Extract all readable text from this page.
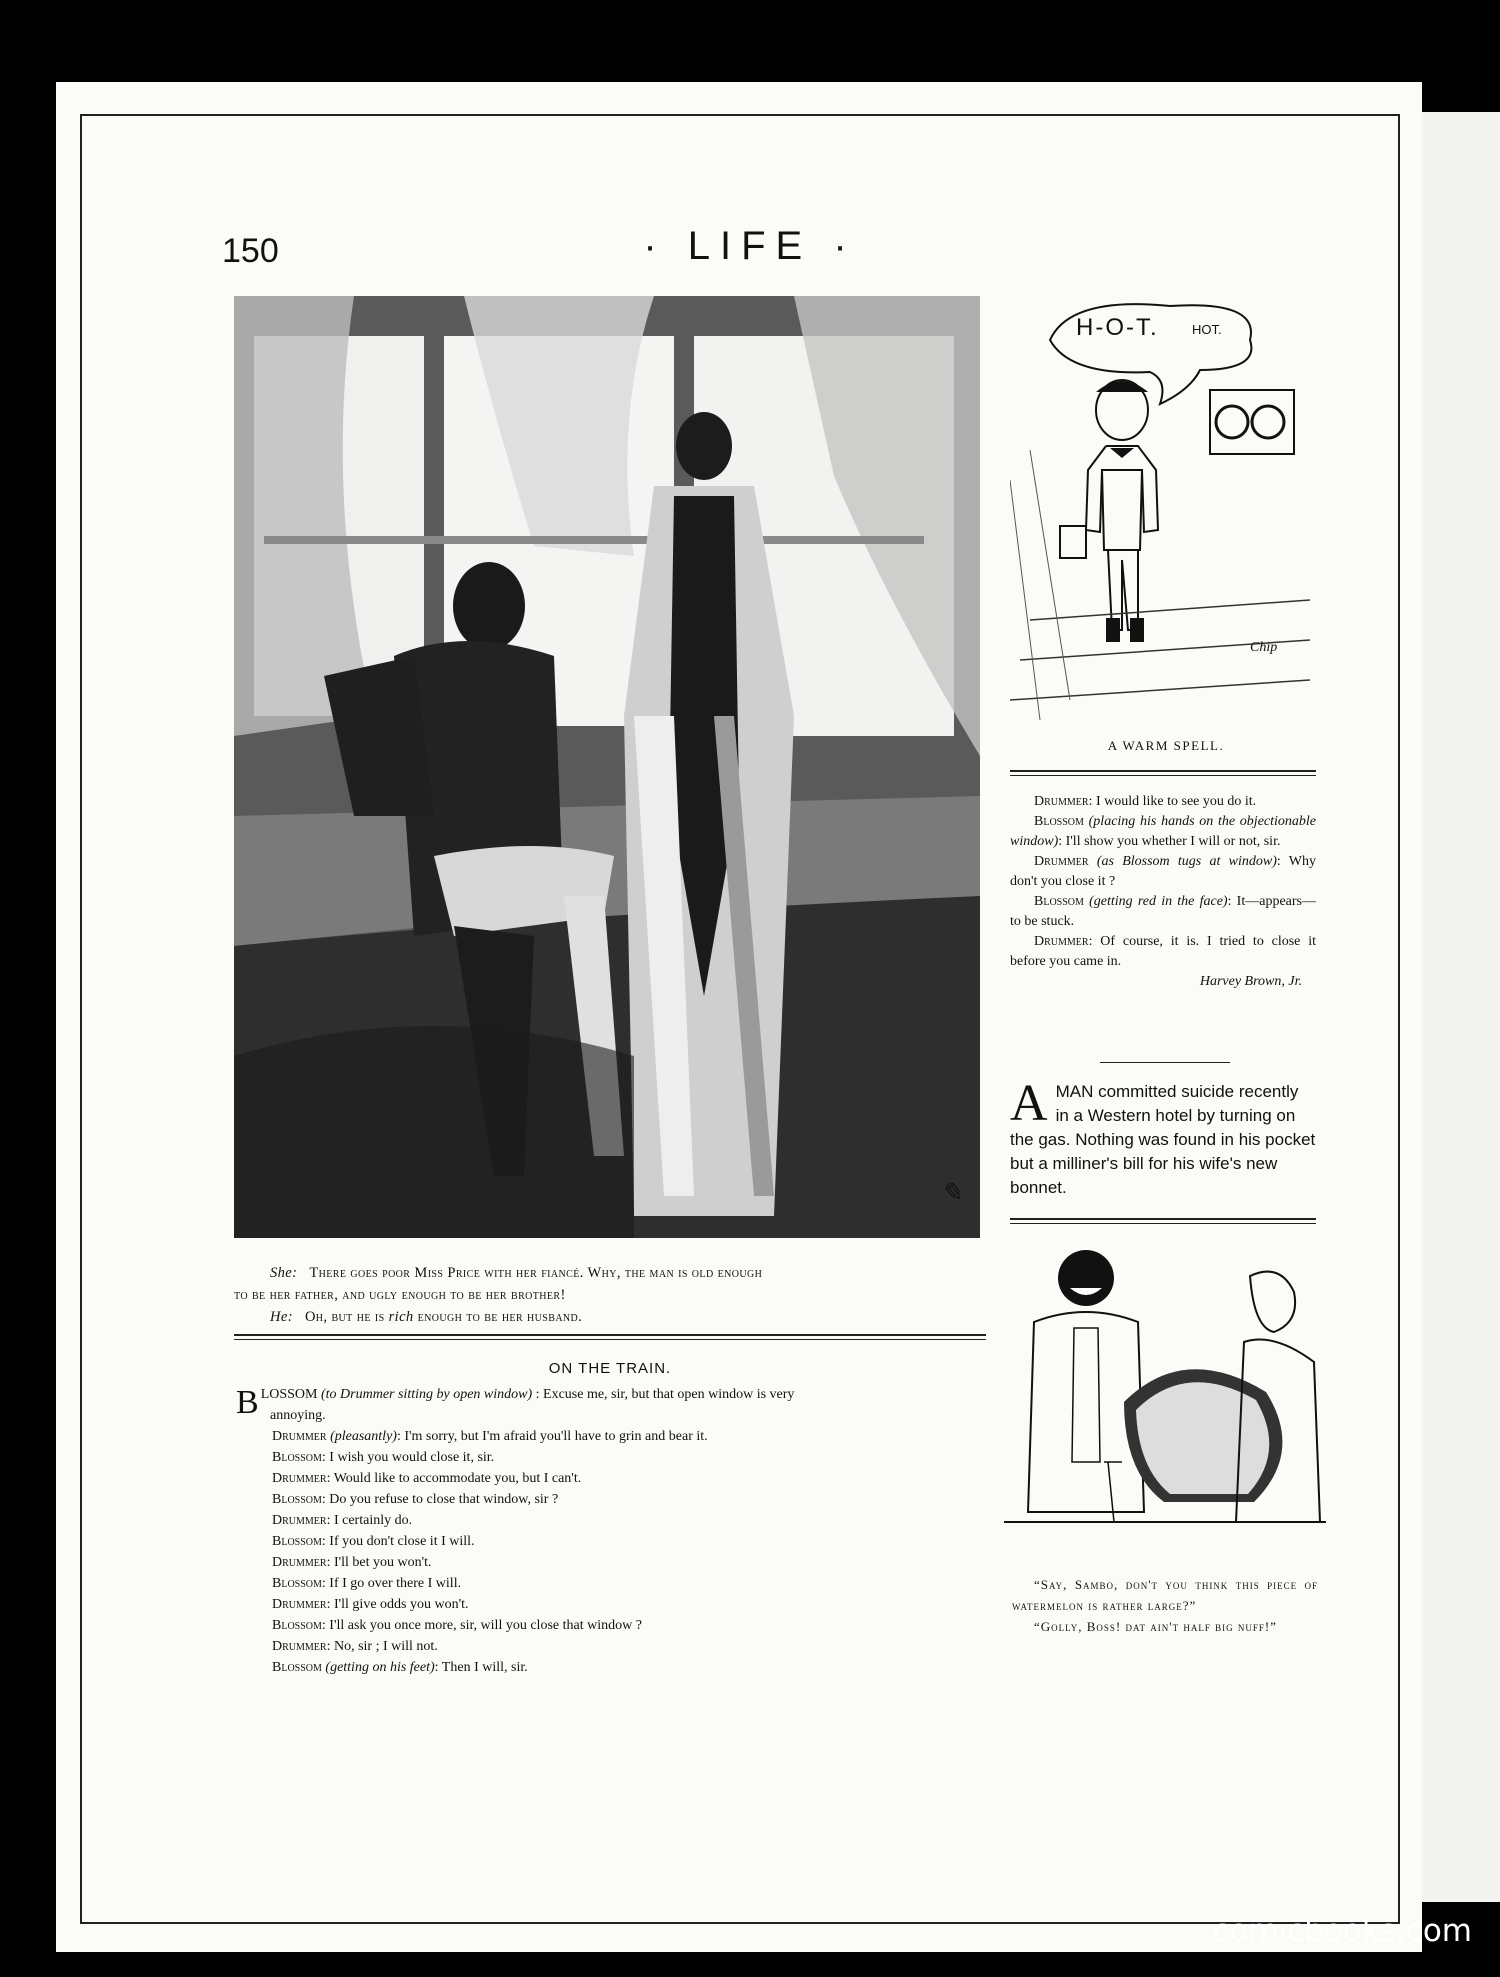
150	· LIFE ·
✎
She: There goes poor Miss Price with her fiancé. Why, the man is old enough
to be her father, and ugly enough to be her brother!
He: Oh, but he is rich enough to be her husband.
ON THE TRAIN.
B LOSSOM (to Drummer sitting by open window) : Excuse me, sir, but that open window is very
annoying.
Drummer (pleasantly): I'm sorry, but I'm afraid you'll have to grin and bear it.
Blossom: I wish you would close it, sir.
Drummer: Would like to accommodate you, but I can't.
Blossom: Do you refuse to close that window, sir ?
Drummer: I certainly do.
Blossom: If you don't close it I will.
Drummer: I'll bet you won't.
Blossom: If I go over there I will.
Drummer: I'll give odds you won't.
Blossom: I'll ask you once more, sir, will you close that window ?
Drummer: No, sir ; I will not.
Blossom (getting on his feet): Then I will, sir.
H-O-T.	HOT.
Chip
A WARM SPELL.

Drummer: I would like to see you do it.

Blossom (placing his hands on the objectionable window): I'll show you whether I will or not, sir.

Drummer (as Blossom tugs at window): Why don't you close it ?

Blossom (getting red in the face): It—appears—to be stuck.

Drummer: Of course, it is. I tried to close it before you came in.

Harvey Brown, Jr.
AMAN committed suicide recently in a Western hotel by turning on the gas. Nothing was found in his pocket but a milliner's bill for his wife's new bonnet.

“Say, Sambo, don't you think this piece of watermelon is rather large?”

“Golly, Boss! dat ain't half big nuff!”

comicbooks.com
